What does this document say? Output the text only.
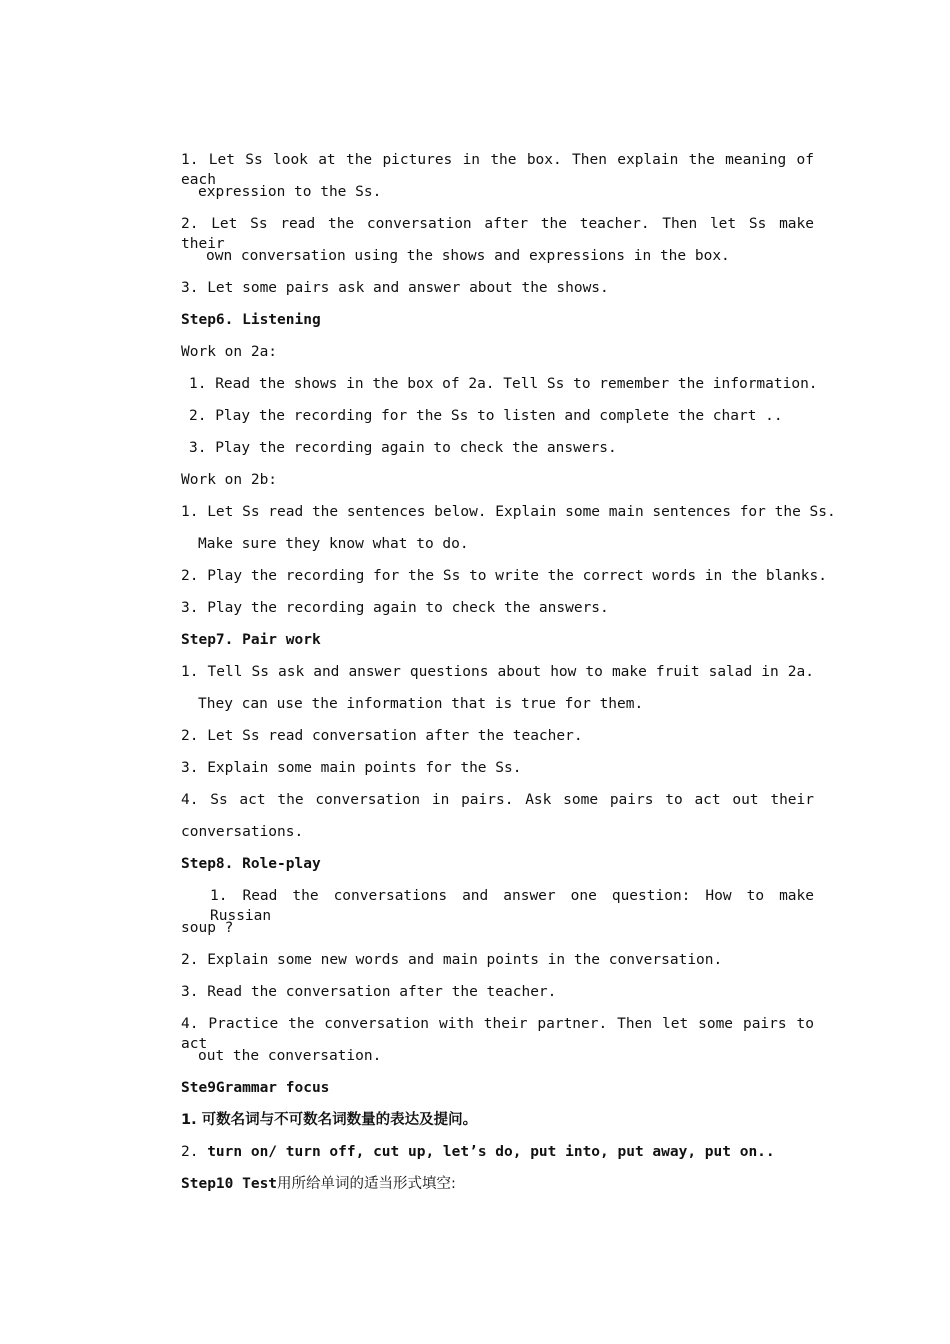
1. Let Ss look at the pictures in the box. Then explain the meaning of each
expression to the Ss.
2. Let Ss read the conversation after the teacher. Then let Ss make their
own conversation using the shows and expressions in the box.
3. Let some pairs ask and answer about the shows.
Step6. Listening
Work on 2a:
1. Read the shows in the box of 2a. Tell Ss to remember the information.
2. Play the recording for the Ss to listen and complete the chart ..
3. Play the recording again to check the answers.
Work on 2b:
1. Let Ss read the sentences below. Explain some main sentences for the Ss.
Make sure they know what to do.
2. Play the recording for the Ss to write the correct words in the blanks.
3. Play the recording again to check the answers.
Step7. Pair work
1. Tell Ss ask and answer questions about how to make fruit salad in 2a.
They can use the information that is true for them.
2. Let Ss read conversation after the teacher.
3. Explain some main points for the Ss.
4. Ss act the conversation in pairs. Ask some pairs to act out their
conversations.
Step8. Role-play
1. Read the conversations and answer one question: How to make Russian
soup ?
2. Explain some new words and main points in the conversation.
3. Read the conversation after the teacher.
4. Practice the conversation with their partner. Then let some pairs to act
out the conversation.
Ste9Grammar focus
1. 可数名词与不可数名词数量的表达及提问。
2. turn on/ turn off, cut up, let’s do, put into, put away, put on..
Step10 Test用所给单词的适当形式填空:
